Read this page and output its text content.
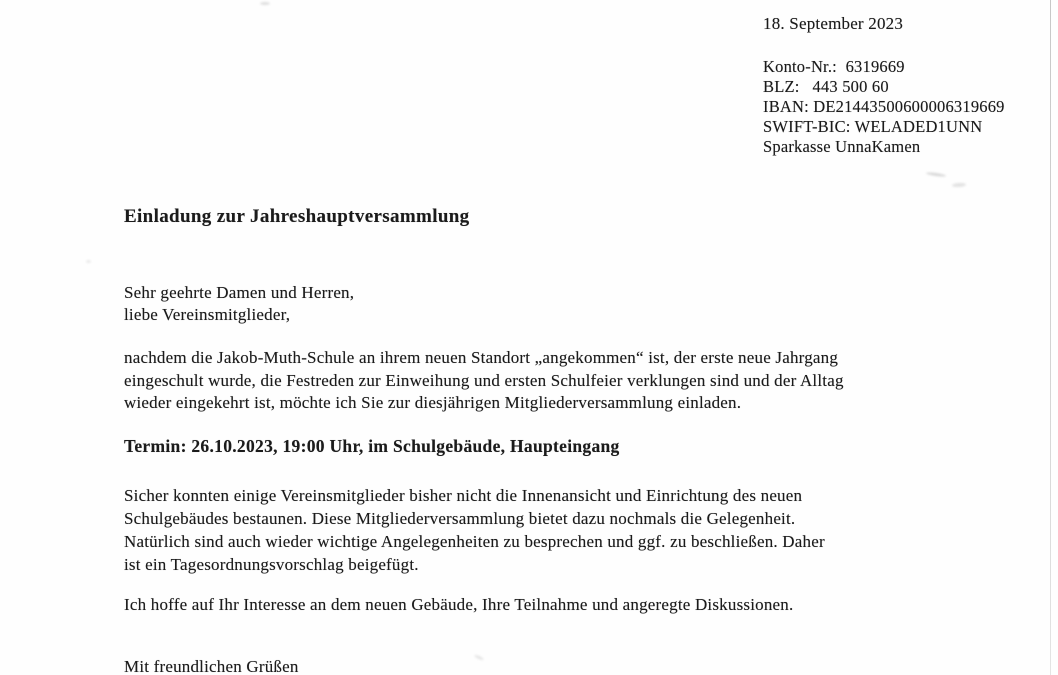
18. September 2023
Konto-Nr.:  6319669
BLZ:   443 500 60
IBAN: DE21443500600006319669
SWIFT-BIC: WELADED1UNN
Sparkasse UnnaKamen
Einladung zur Jahreshauptversammlung
Sehr geehrte Damen und Herren,
liebe Vereinsmitglieder,
nachdem die Jakob-Muth-Schule an ihrem neuen Standort „angekommen“ ist, der erste neue Jahrgang
eingeschult wurde, die Festreden zur Einweihung und ersten Schulfeier verklungen sind und der Alltag
wieder eingekehrt ist, möchte ich Sie zur diesjährigen Mitgliederversammlung einladen.
Termin: 26.10.2023, 19:00 Uhr, im Schulgebäude, Haupteingang
Sicher konnten einige Vereinsmitglieder bisher nicht die Innenansicht und Einrichtung des neuen
Schulgebäudes bestaunen. Diese Mitgliederversammlung bietet dazu nochmals die Gelegenheit.
Natürlich sind auch wieder wichtige Angelegenheiten zu besprechen und ggf. zu beschließen. Daher
ist ein Tagesordnungsvorschlag beigefügt.
Ich hoffe auf Ihr Interesse an dem neuen Gebäude, Ihre Teilnahme und angeregte Diskussionen.
Mit freundlichen Grüßen
